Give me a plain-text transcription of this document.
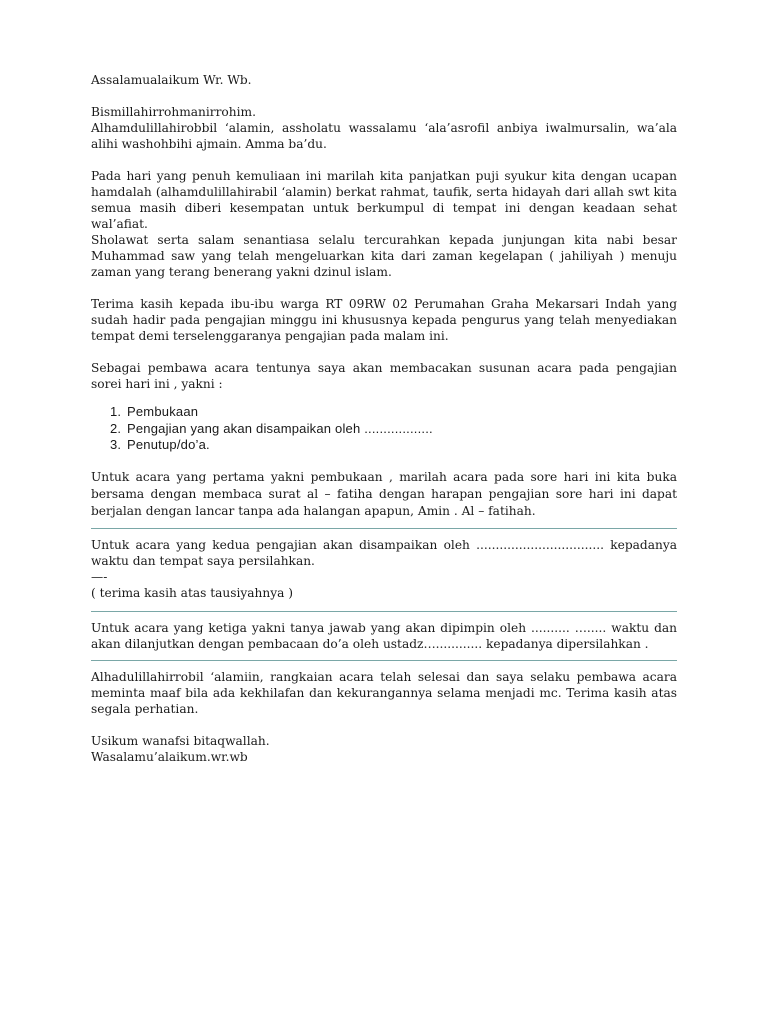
Assalamualaikum Wr. Wb.

Bismillahirrohmanirrohim.

Alhamdulillahirobbil ‘alamin, assholatu wassalamu ‘ala’asrofil anbiya iwalmursalin, wa’ala alihi washohbihi ajmain. Amma ba’du.

Pada hari yang penuh kemuliaan ini marilah kita panjatkan puji syukur kita dengan ucapan hamdalah (alhamdulillahirabil ‘alamin) berkat rahmat, taufik, serta hidayah dari allah swt kita semua masih diberi kesempatan untuk berkumpul di tempat ini dengan keadaan sehat wal’afiat.

Sholawat serta salam senantiasa selalu tercurahkan kepada junjungan kita nabi besar Muhammad saw yang telah mengeluarkan kita dari zaman kegelapan ( jahiliyah ) menuju zaman yang terang benerang yakni dzinul islam.

Terima kasih kepada ibu-ibu warga RT 09RW 02 Perumahan Graha Mekarsari Indah yang sudah hadir pada pengajian minggu ini khususnya kepada pengurus yang telah menyediakan tempat demi terselenggaranya pengajian pada malam ini.

Sebagai pembawa acara tentunya saya akan membacakan susunan acara pada pengajian sorei hari ini , yakni :

1. Pembukaan
2. Pengajian yang akan disampaikan oleh ..................
3. Penutup/do’a.

Untuk acara yang pertama yakni pembukaan , marilah acara pada sore hari ini kita buka bersama dengan membaca surat al – fatiha dengan harapan pengajian sore hari ini dapat berjalan dengan lancar tanpa ada halangan apapun, Amin . Al – fatihah.

Untuk acara yang kedua pengajian akan disampaikan oleh ................................. kepadanya waktu dan tempat saya persilahkan.

—-

( terima kasih atas tausiyahnya )

Untuk acara yang ketiga yakni tanya jawab yang akan dipimpin oleh .......... …..... waktu dan akan dilanjutkan dengan pembacaan do’a oleh ustadz…............ kepadanya dipersilahkan .

Alhadulillahirrobil ‘alamiin, rangkaian acara telah selesai dan saya selaku pembawa acara meminta maaf bila ada kekhilafan dan kekurangannya selama menjadi mc. Terima kasih atas segala perhatian.

Usikum wanafsi bitaqwallah.

Wasalamu’alaikum.wr.wb
